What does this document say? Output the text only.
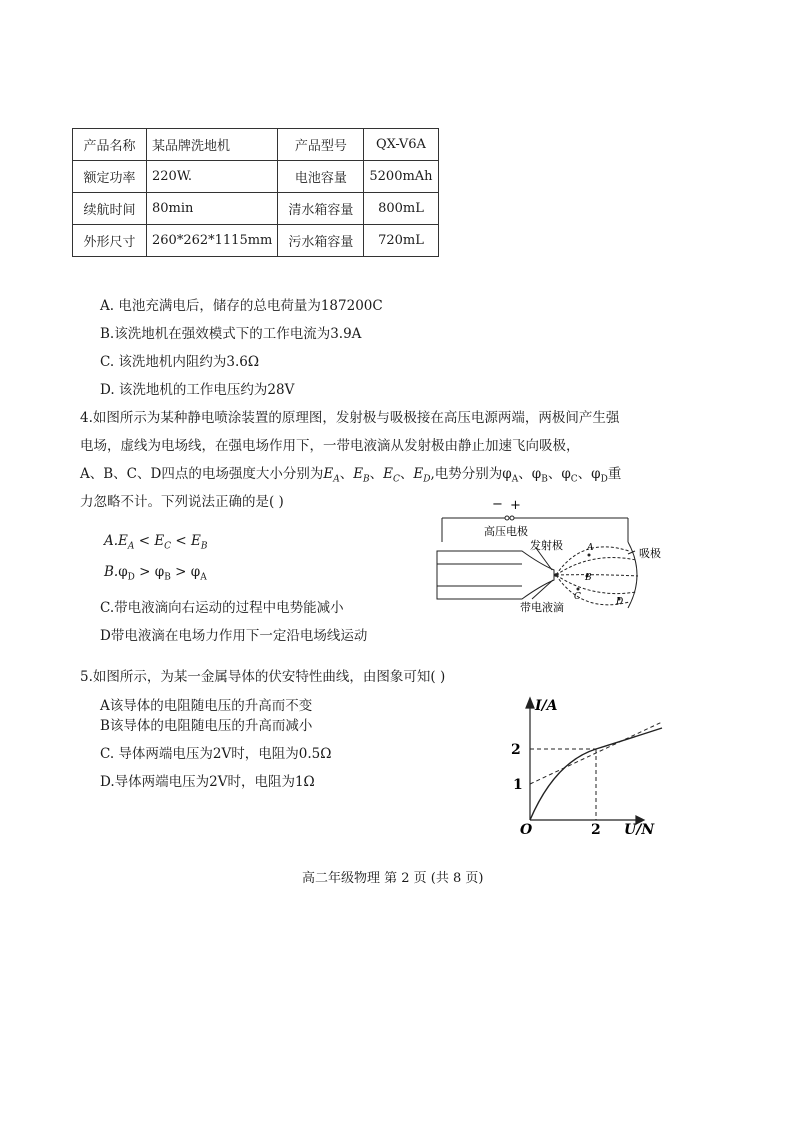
产品名称	某品牌洗地机	产品型号	QX-V6A
额定功率	220W.	电池容量	5200mAh
续航时间	80min	清水箱容量	800mL
外形尺寸	260*262*1115mm	污水箱容量	720mL
A. 电池充满电后，储存的总电荷量为187200C
B.该洗地机在强效模式下的工作电流为3.9A
C. 该洗地机内阻约为3.6Ω
D. 该洗地机的工作电压约为28V
4.如图所示为某种静电喷涂装置的原理图，发射极与吸极接在高压电源两端，两极间产生强
电场，虚线为电场线，在强电场作用下，一带电液滴从发射极由静止加速飞向吸极，
A、B、C、D四点的电场强度大小分别为$E_A$、$E_B$、$E_C$、$E_D$,电势分别为$\varphi_A$、$\varphi_B$、$\varphi_C$、$\varphi_D$重
力忽略不计。下列说法正确的是( )
$A.E_A < E_C < E_B$
$B.\varphi_D > \varphi_B > \varphi_A$
C.带电液滴向右运动的过程中电势能减小
D带电液滴在电场力作用下一定沿电场线运动
− +
高压电极
发射极
吸极
带电液滴
A
B
C	D
5.如图所示，为某一金属导体的伏安特性曲线，由图象可知( )
A该导体的电阻随电压的升高而不变
B该导体的电阻随电压的升高而减小
C. 导体两端电压为2V时，电阻为0.5Ω
D.导体两端电压为2V时，电阻为1Ω
I/A
U/N
O	2
2
1
高二年级物理 第 2 页 (共 8 页)
